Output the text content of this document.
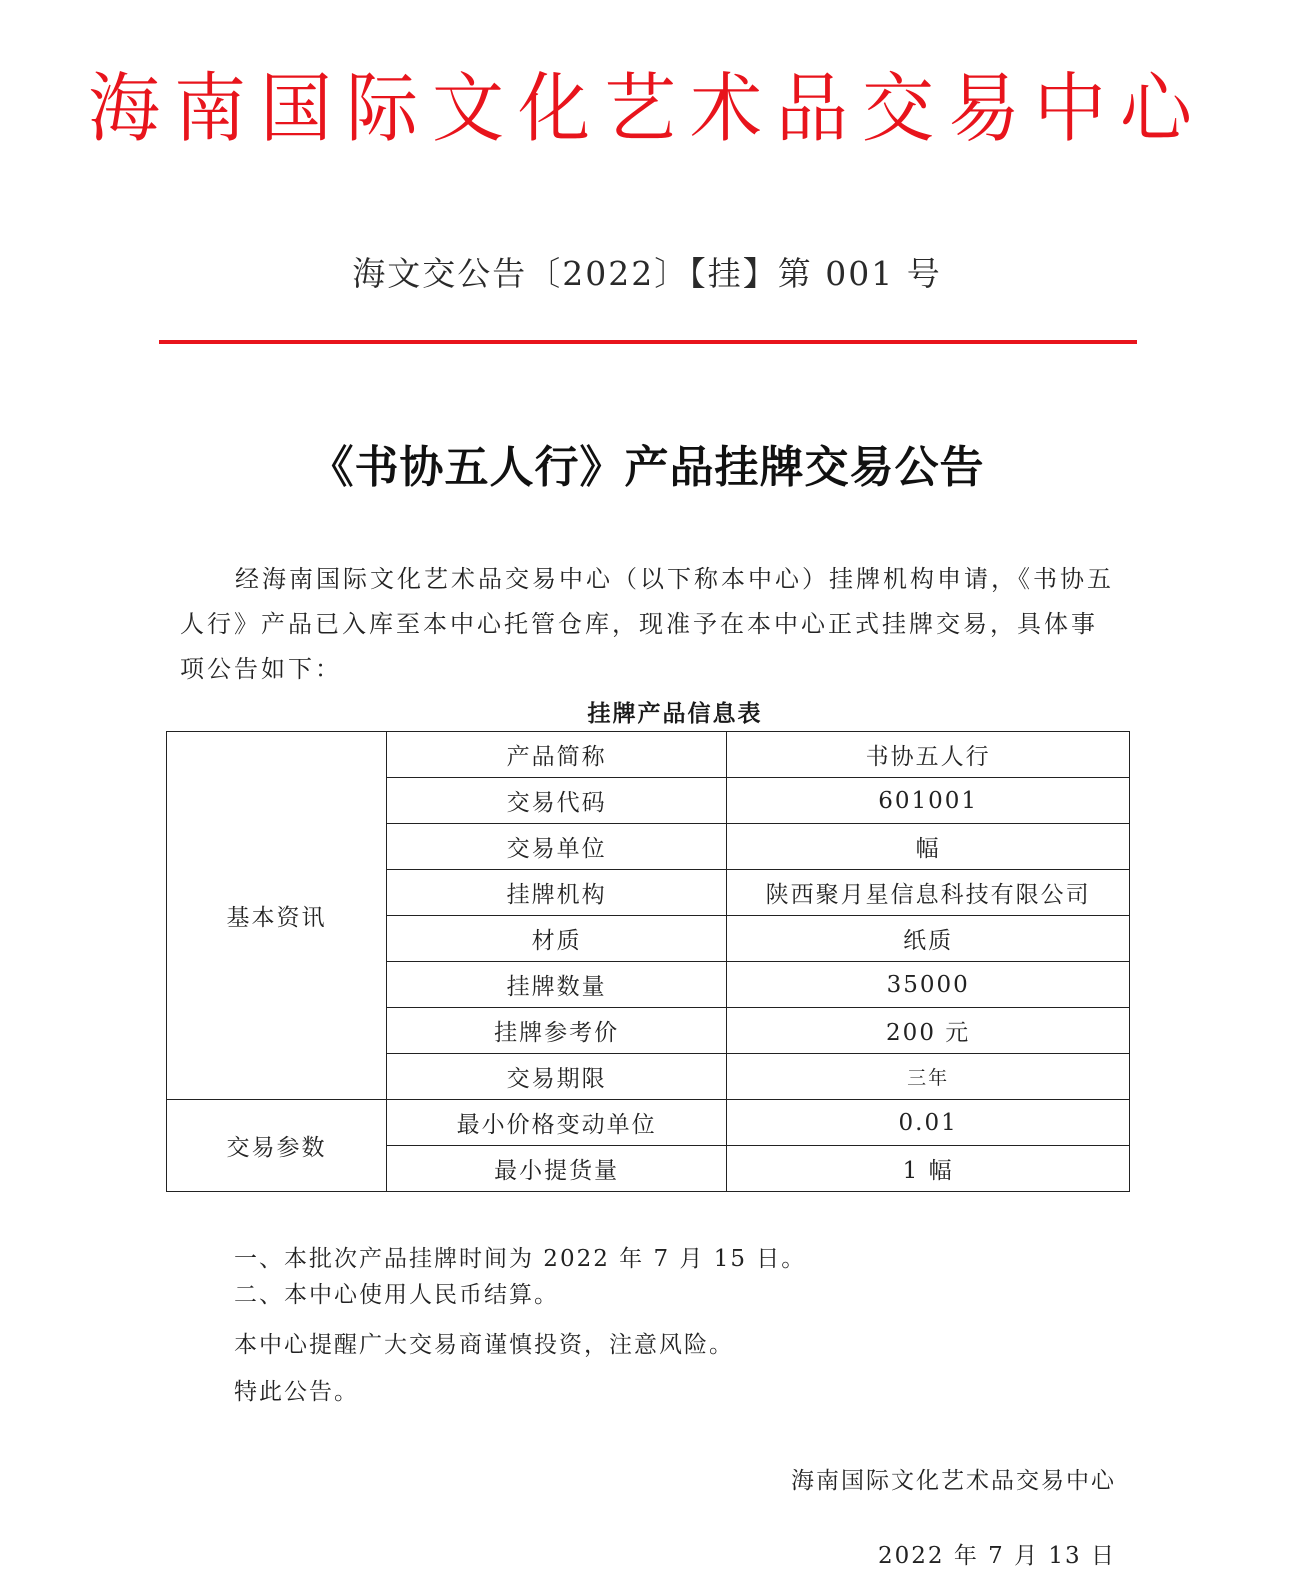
海南国际文化艺术品交易中心
海文交公告〔2022〕【挂】第 001 号
《书协五人行》产品挂牌交易公告
经海南国际文化艺术品交易中心（以下称本中心）挂牌机构申请，《书协五人行》产品已入库至本中心托管仓库，现准予在本中心正式挂牌交易，具体事项公告如下：
挂牌产品信息表
基本资讯	产品简称	书协五人行
	交易代码	601001
	交易单位	幅
	挂牌机构	陕西聚月星信息科技有限公司
	材质	纸质
	挂牌数量	35000
	挂牌参考价	200 元
	交易期限	三年
交易参数	最小价格变动单位	0.01
	最小提货量	1 幅
一、本批次产品挂牌时间为 2022 年 7 月 15 日。
二、本中心使用人民币结算。
本中心提醒广大交易商谨慎投资，注意风险。
特此公告。
海南国际文化艺术品交易中心
2022 年 7 月 13 日
